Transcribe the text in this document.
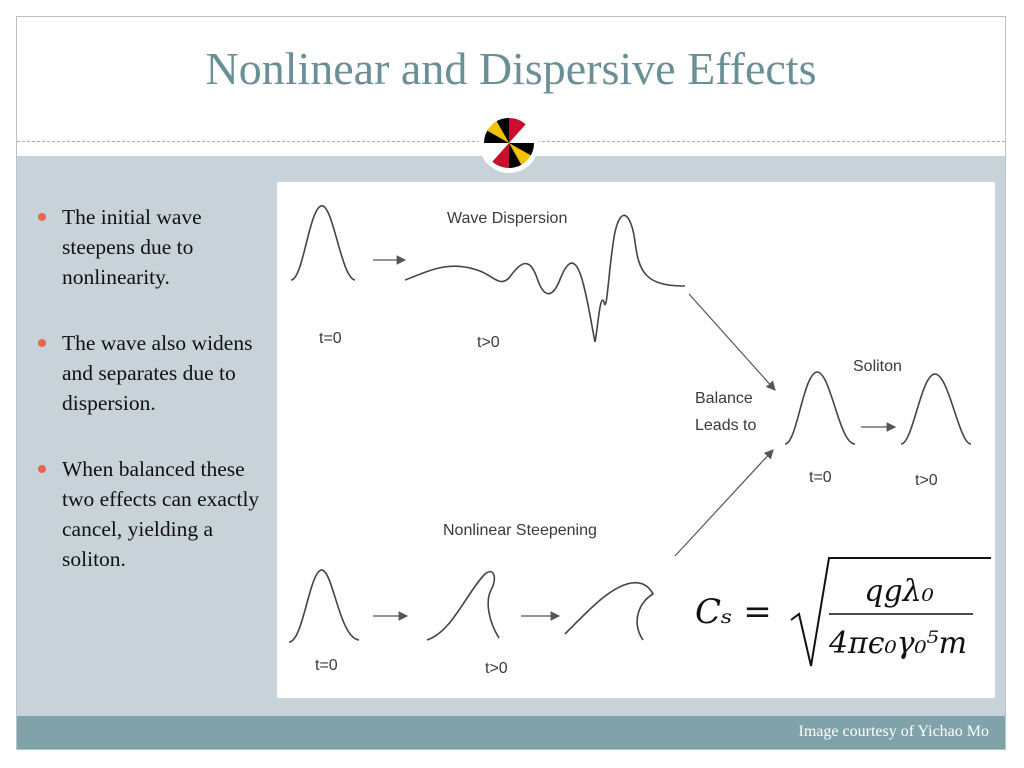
Nonlinear and Dispersive Effects
The initial wave steepens due to nonlinearity.
The wave also widens and separates due to dispersion.
When balanced these two effects can exactly cancel, yielding a soliton.
Wave Dispersion
t=0	t>0
Soliton
Balance
Leads to
t=0	t>0
Nonlinear Steepening
t=0	t>0
Cₛ =
qgλ₀
4πϵ₀γ₀⁵m
Image courtesy of Yichao Mo
